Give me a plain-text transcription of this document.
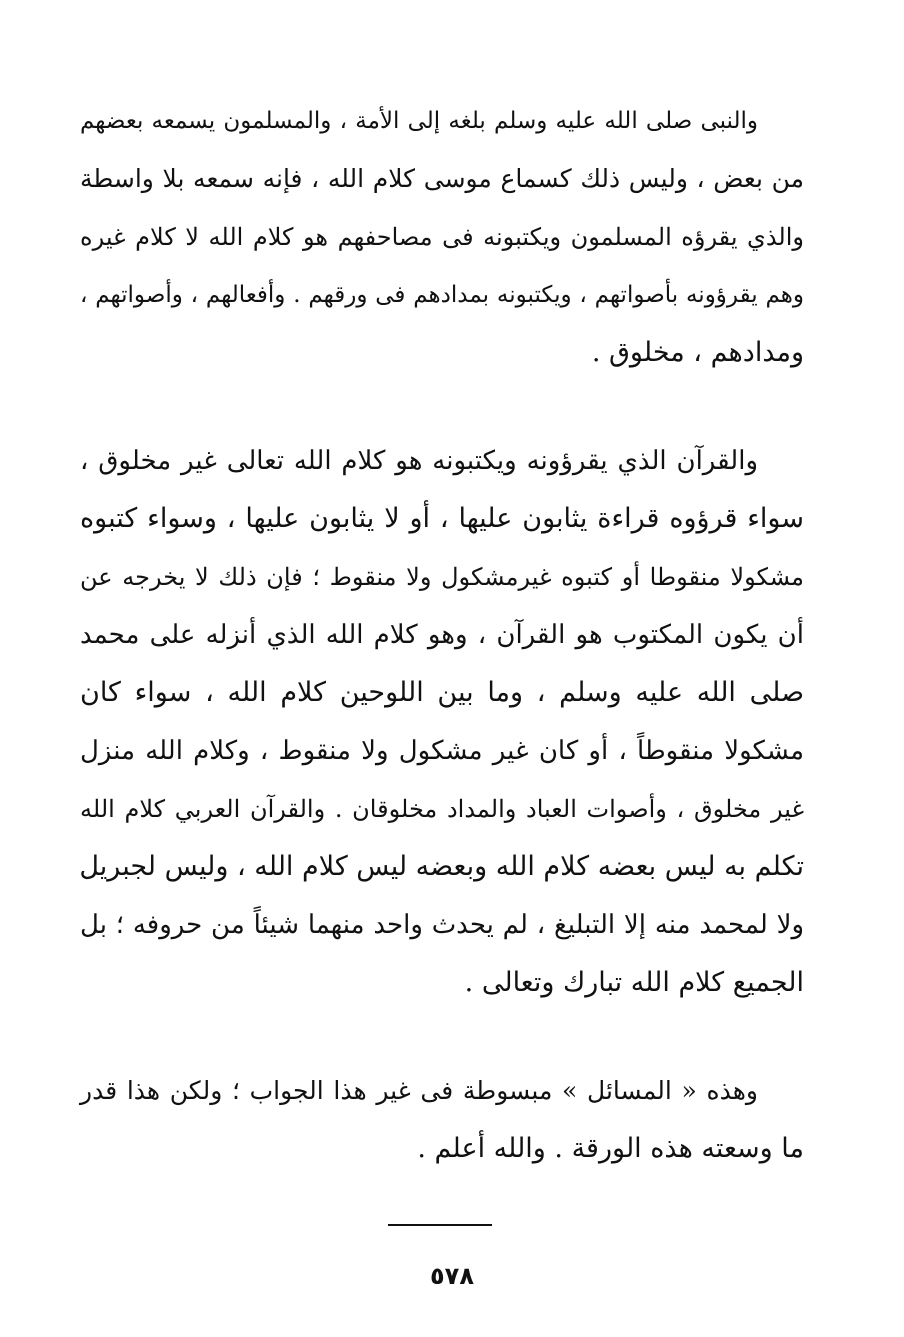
والنبى صلى الله عليه وسلم بلغه إلى الأمة ، والمسلمون يسمعه بعضهم
من بعض ، وليس ذلك كسماع موسى كلام الله ، فإنه سمعه بلا واسطة
والذي يقرؤه المسلمون ويكتبونه فى مصاحفهم هو كلام الله لا كلام غيره
وهم يقرؤونه بأصواتهم ، ويكتبونه بمدادهم فى ورقهم . وأفعالهم ، وأصواتهم ،
ومدادهم ، مخلوق .
والقرآن الذي يقرؤونه ويكتبونه هو كلام الله تعالى غير مخلوق ،
سواء قرؤوه قراءة يثابون عليها ، أو لا يثابون عليها ، وسواء كتبوه
مشكولا منقوطا أو كتبوه غيرمشكول ولا منقوط ؛ فإن ذلك لا يخرجه عن
أن يكون المكتوب هو القرآن ، وهو كلام الله الذي أنزله على محمد
صلى الله عليه وسلم ، وما بين اللوحين كلام الله ، سواء كان
مشكولا منقوطاً ، أو كان غير مشكول ولا منقوط ، وكلام الله منزل
غير مخلوق ، وأصوات العباد والمداد مخلوقان . والقرآن العربي كلام الله
تكلم به ليس بعضه كلام الله وبعضه ليس كلام الله ، وليس لجبريل
ولا لمحمد منه إلا التبليغ ، لم يحدث واحد منهما شيئاً من حروفه ؛ بل
الجميع كلام الله تبارك وتعالى .
وهذه « المسائل » مبسوطة فى غير هذا الجواب ؛ ولكن هذا قدر
ما وسعته هذه الورقة . والله أعلم .
٥٧٨
